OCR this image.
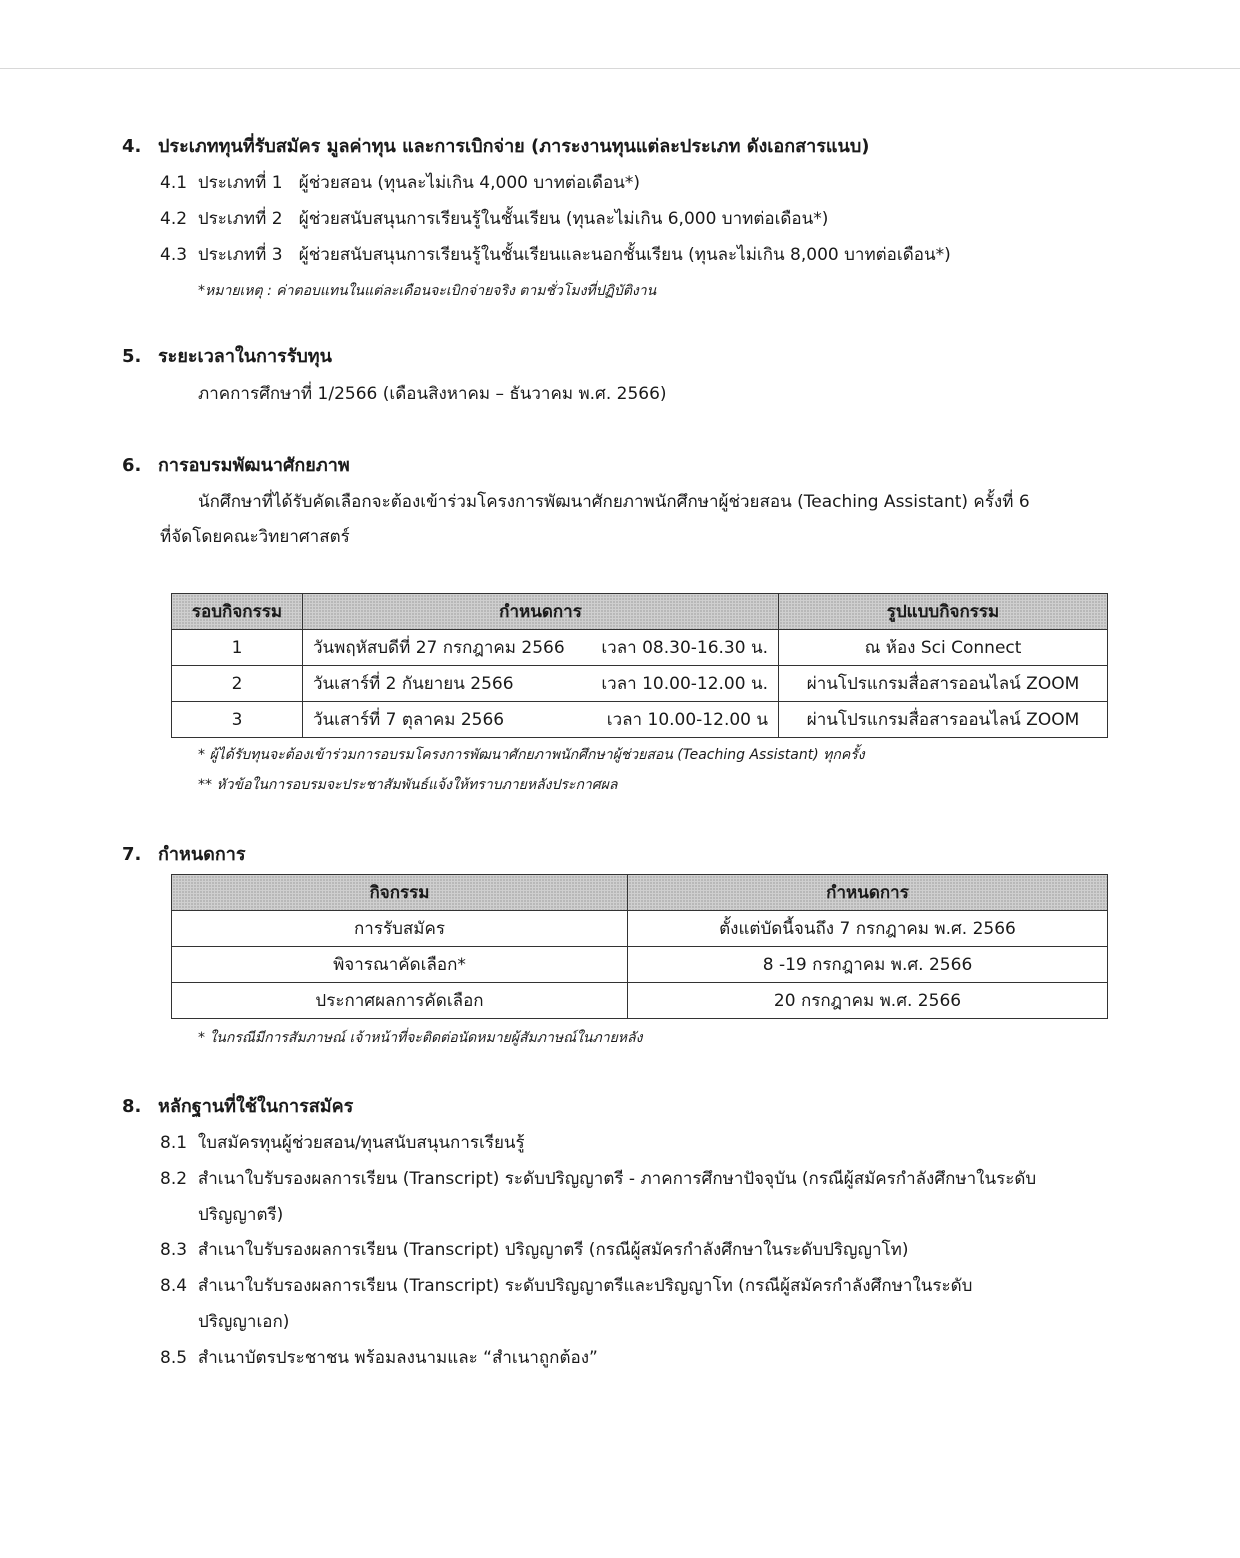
4. ประเภททุนที่รับสมัคร มูลค่าทุน และการเบิกจ่าย (ภาระงานทุนแต่ละประเภท ดังเอกสารแนบ)
4.1 ประเภทที่ 1 ผู้ช่วยสอน (ทุนละไม่เกิน 4,000 บาทต่อเดือน*)
4.2 ประเภทที่ 2 ผู้ช่วยสนับสนุนการเรียนรู้ในชั้นเรียน (ทุนละไม่เกิน 6,000 บาทต่อเดือน*)
4.3 ประเภทที่ 3 ผู้ช่วยสนับสนุนการเรียนรู้ในชั้นเรียนและนอกชั้นเรียน (ทุนละไม่เกิน 8,000 บาทต่อเดือน*)
*หมายเหตุ : ค่าตอบแทนในแต่ละเดือนจะเบิกจ่ายจริง ตามชั่วโมงที่ปฏิบัติงาน
5. ระยะเวลาในการรับทุน
ภาคการศึกษาที่ 1/2566 (เดือนสิงหาคม – ธันวาคม พ.ศ. 2566)
6. การอบรมพัฒนาศักยภาพ
นักศึกษาที่ได้รับคัดเลือกจะต้องเข้าร่วมโครงการพัฒนาศักยภาพนักศึกษาผู้ช่วยสอน (Teaching Assistant) ครั้งที่ 6
ที่จัดโดยคณะวิทยาศาสตร์
รอบกิจกรรม	กำหนดการ	รูปแบบกิจกรรม
1	วันพฤหัสบดีที่ 27 กรกฎาคม 2566 เวลา 08.30-16.30 น.	ณ ห้อง Sci Connect
2	วันเสาร์ที่ 2 กันยายน 2566 เวลา 10.00-12.00 น.	ผ่านโปรแกรมสื่อสารออนไลน์ ZOOM
3	วันเสาร์ที่ 7 ตุลาคม 2566 เวลา 10.00-12.00 น	ผ่านโปรแกรมสื่อสารออนไลน์ ZOOM
* ผู้ได้รับทุนจะต้องเข้าร่วมการอบรมโครงการพัฒนาศักยภาพนักศึกษาผู้ช่วยสอน (Teaching Assistant) ทุกครั้ง
** หัวข้อในการอบรมจะประชาสัมพันธ์แจ้งให้ทราบภายหลังประกาศผล
7. กำหนดการ
กิจกรรม	กำหนดการ
การรับสมัคร	ตั้งแต่บัดนี้จนถึง 7 กรกฎาคม พ.ศ. 2566
พิจารณาคัดเลือก*	8 -19 กรกฎาคม พ.ศ. 2566
ประกาศผลการคัดเลือก	20 กรกฎาคม พ.ศ. 2566
* ในกรณีมีการสัมภาษณ์ เจ้าหน้าที่จะติดต่อนัดหมายผู้สัมภาษณ์ในภายหลัง
8. หลักฐานที่ใช้ในการสมัคร
8.1 ใบสมัครทุนผู้ช่วยสอน/ทุนสนับสนุนการเรียนรู้
8.2 สำเนาใบรับรองผลการเรียน (Transcript) ระดับปริญญาตรี - ภาคการศึกษาปัจจุบัน (กรณีผู้สมัครกำลังศึกษาในระดับ
ปริญญาตรี)
8.3 สำเนาใบรับรองผลการเรียน (Transcript) ปริญญาตรี (กรณีผู้สมัครกำลังศึกษาในระดับปริญญาโท)
8.4 สำเนาใบรับรองผลการเรียน (Transcript) ระดับปริญญาตรีและปริญญาโท (กรณีผู้สมัครกำลังศึกษาในระดับ
ปริญญาเอก)
8.5 สำเนาบัตรประชาชน พร้อมลงนามและ “สำเนาถูกต้อง”
